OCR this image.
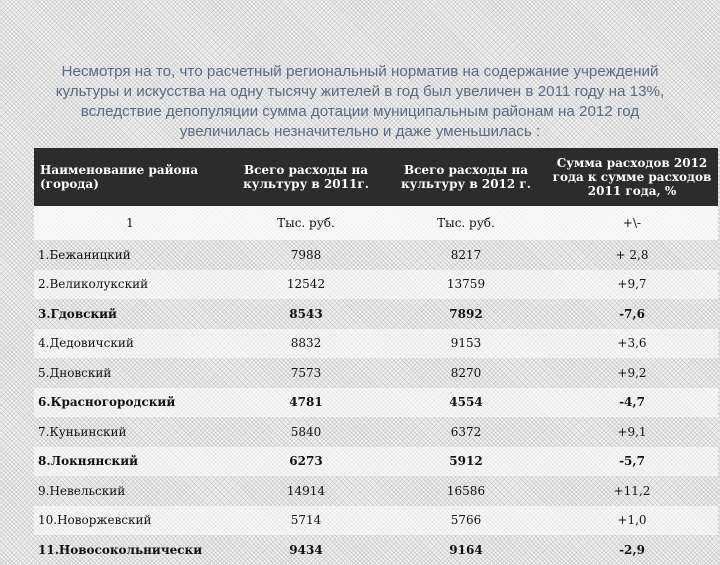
Несмотря на то, что расчетный региональный норматив на содержание учреждений культуры и искусства на одну тысячу жителей в год был увеличен в 2011 году на 13%, вследствие депопуляции сумма дотации муниципальным районам на 2012 год увеличилась незначительно и даже уменьшилась :
Наименование района (города)	Всего расходы на культуру в 2011г.	Всего расходы на культуру в 2012 г.	Сумма расходов 2012 года к сумме расходов 2011 года, %
1	Тыс. руб.	Тыс. руб.	+\-
1.Бежаницкий	7988	8217	+ 2,8
2.Великолукский	12542	13759	+9,7
3.Гдовский	8543	7892	-7,6
4.Дедовичский	8832	9153	+3,6
5.Дновский	7573	8270	+9,2
6.Красногородский	4781	4554	-4,7
7.Куньинский	5840	6372	+9,1
8.Локнянский	6273	5912	-5,7
9.Невельский	14914	16586	+11,2
10.Новоржевский	5714	5766	+1,0
11.Новосокольнически	9434	9164	-2,9
